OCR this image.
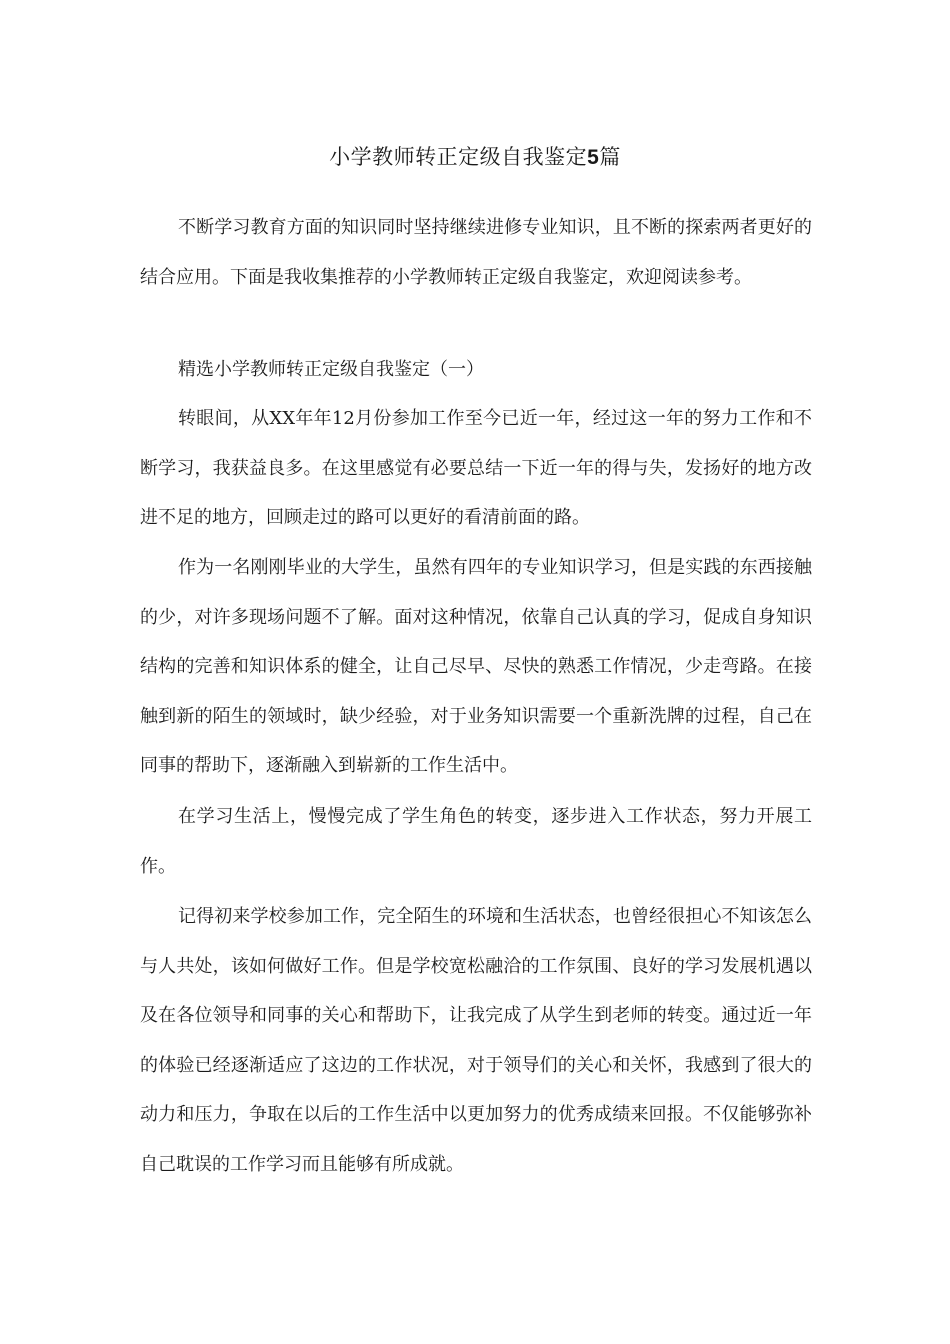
小学教师转正定级自我鉴定5篇

不断学习教育方面的知识同时坚持继续进修专业知识，且不断的探索两者更好的结合应用。下面是我收集推荐的小学教师转正定级自我鉴定，欢迎阅读参考。

精选小学教师转正定级自我鉴定（一）

转眼间，从XX年年12月份参加工作至今已近一年，经过这一年的努力工作和不断学习，我获益良多。在这里感觉有必要总结一下近一年的得与失，发扬好的地方改进不足的地方，回顾走过的路可以更好的看清前面的路。

作为一名刚刚毕业的大学生，虽然有四年的专业知识学习，但是实践的东西接触的少，对许多现场问题不了解。面对这种情况，依靠自己认真的学习，促成自身知识结构的完善和知识体系的健全，让自己尽早、尽快的熟悉工作情况，少走弯路。在接触到新的陌生的领域时，缺少经验，对于业务知识需要一个重新洗牌的过程，自己在同事的帮助下，逐渐融入到崭新的工作生活中。

在学习生活上，慢慢完成了学生角色的转变，逐步进入工作状态，努力开展工作。

记得初来学校参加工作，完全陌生的环境和生活状态，也曾经很担心不知该怎么与人共处，该如何做好工作。但是学校宽松融洽的工作氛围、良好的学习发展机遇以及在各位领导和同事的关心和帮助下，让我完成了从学生到老师的转变。通过近一年的体验已经逐渐适应了这边的工作状况，对于领导们的关心和关怀，我感到了很大的动力和压力，争取在以后的工作生活中以更加努力的优秀成绩来回报。不仅能够弥补自己耽误的工作学习而且能够有所成就。
